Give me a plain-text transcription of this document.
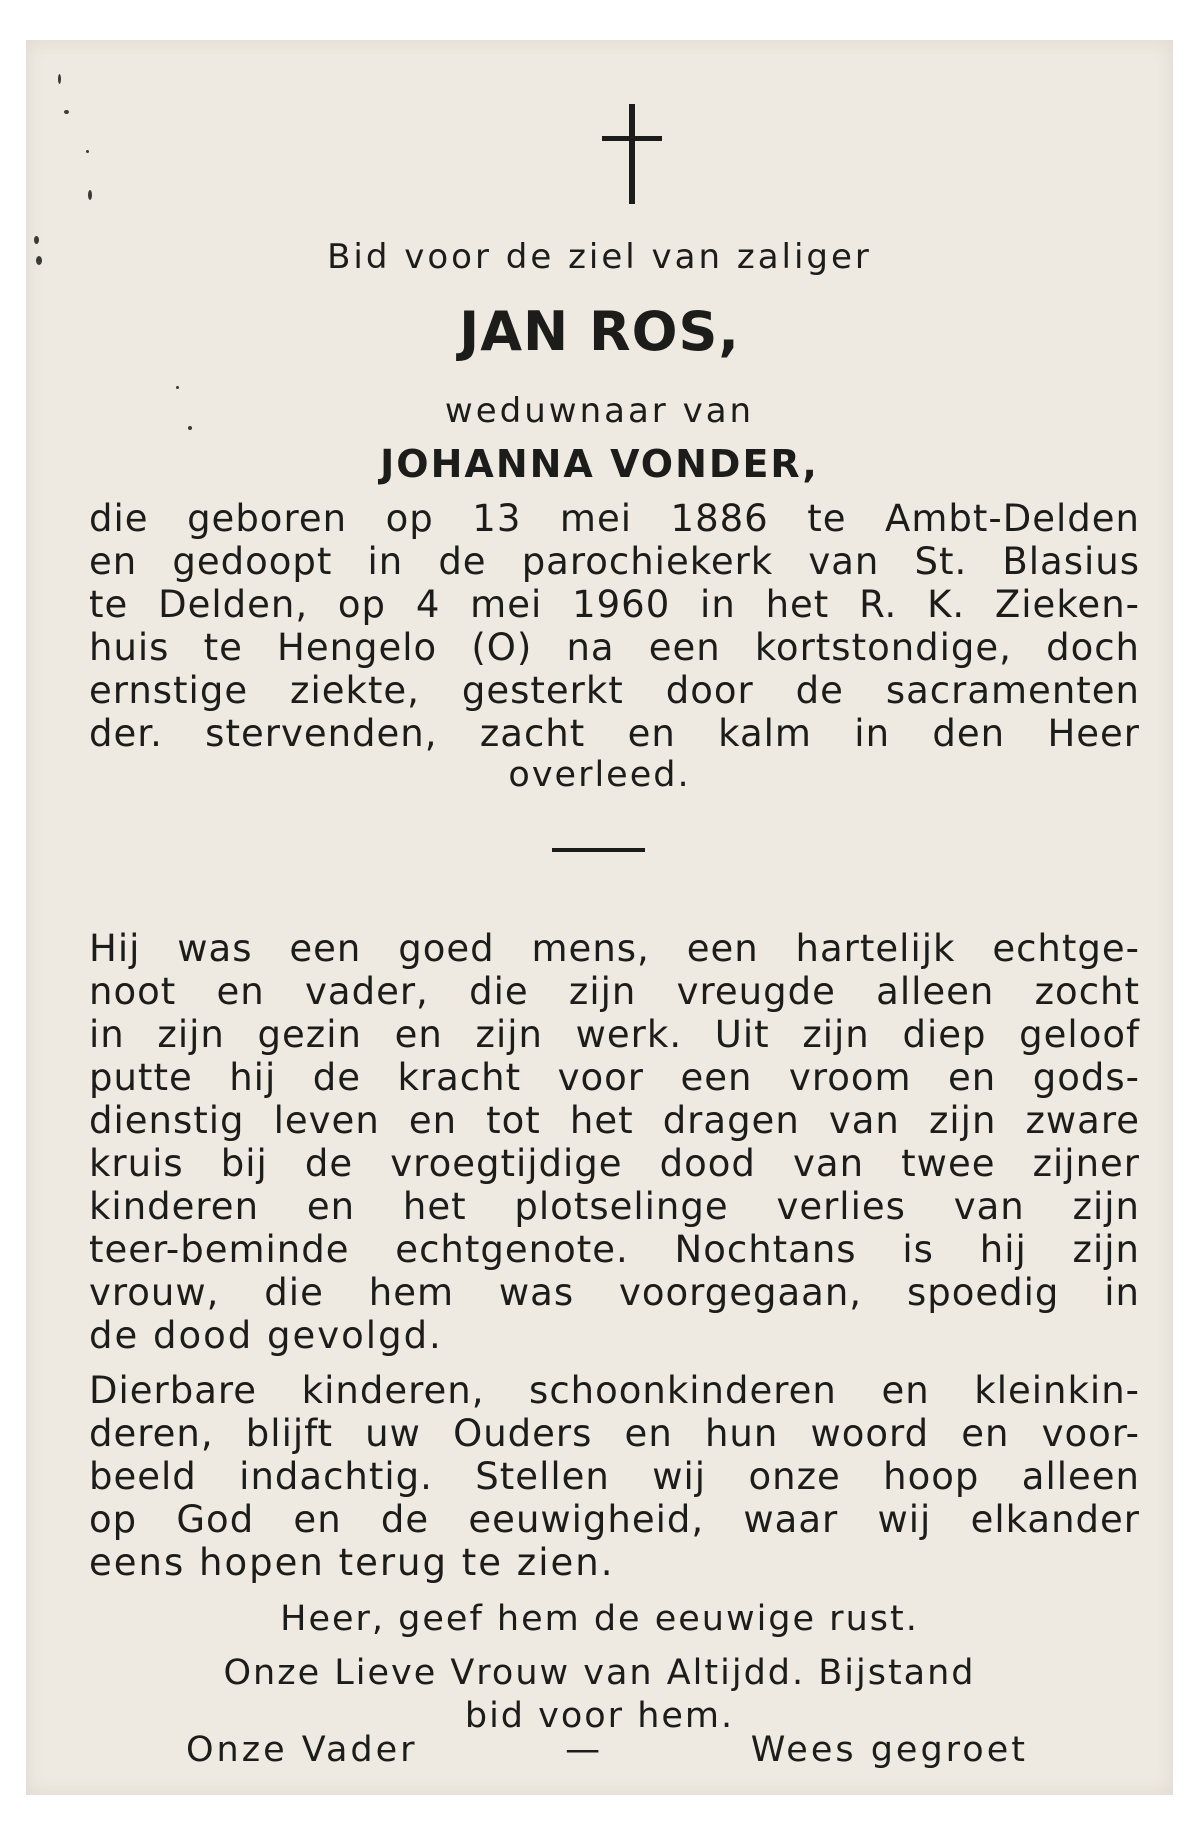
Bid voor de ziel van zaliger
JAN ROS,
weduwnaar van
JOHANNA VONDER,
die geboren op 13 mei 1886 te Ambt-Delden
en gedoopt in de parochiekerk van St. Blasius
te Delden, op 4 mei 1960 in het R. K. Zieken-
huis te Hengelo (O) na een kortstondige, doch
ernstige ziekte, gesterkt door de sacramenten
der. stervenden, zacht en kalm in den Heer
overleed.
Hij was een goed mens, een hartelijk echtge-
noot en vader, die zijn vreugde alleen zocht
in zijn gezin en zijn werk. Uit zijn diep geloof
putte hij de kracht voor een vroom en gods-
dienstig leven en tot het dragen van zijn zware
kruis bij de vroegtijdige dood van twee zijner
kinderen en het plotselinge verlies van zijn
teer-beminde echtgenote. Nochtans is hij zijn
vrouw, die hem was voorgegaan, spoedig in
de dood gevolgd.
Dierbare kinderen, schoonkinderen en kleinkin-
deren, blijft uw Ouders en hun woord en voor-
beeld indachtig. Stellen wij onze hoop alleen
op God en de eeuwigheid, waar wij elkander
eens hopen terug te zien.
Heer, geef hem de eeuwige rust.
Onze Lieve Vrouw van Altijdd. Bijstand
bid voor hem.
Onze Vader	—	Wees gegroet
